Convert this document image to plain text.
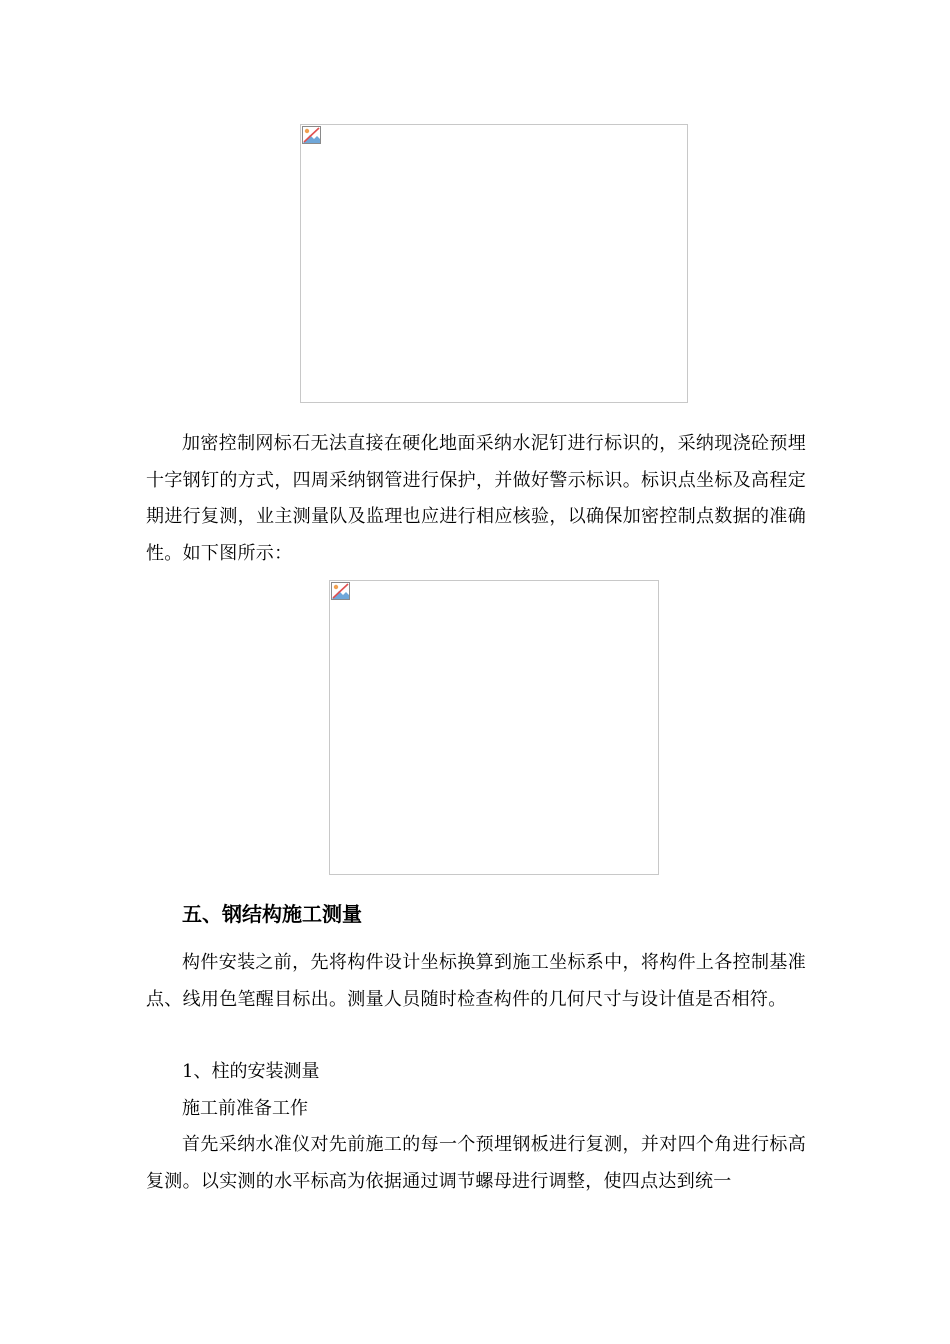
加密控制网标石无法直接在硬化地面采纳水泥钉进行标识的，采纳现浇砼预埋十字钢钉的方式，四周采纳钢管进行保护，并做好警示标识。标识点坐标及高程定期进行复测，业主测量队及监理也应进行相应核验，以确保加密控制点数据的准确性。如下图所示：

五、钢结构施工测量

构件安装之前，先将构件设计坐标换算到施工坐标系中，将构件上各控制基准点、线用色笔醒目标出。测量人员随时检查构件的几何尺寸与设计值是否相符。

1、柱的安装测量

施工前准备工作

首先采纳水准仪对先前施工的每一个预埋钢板进行复测，并对四个角进行标高复测。以实测的水平标高为依据通过调节螺母进行调整，使四点达到统一
